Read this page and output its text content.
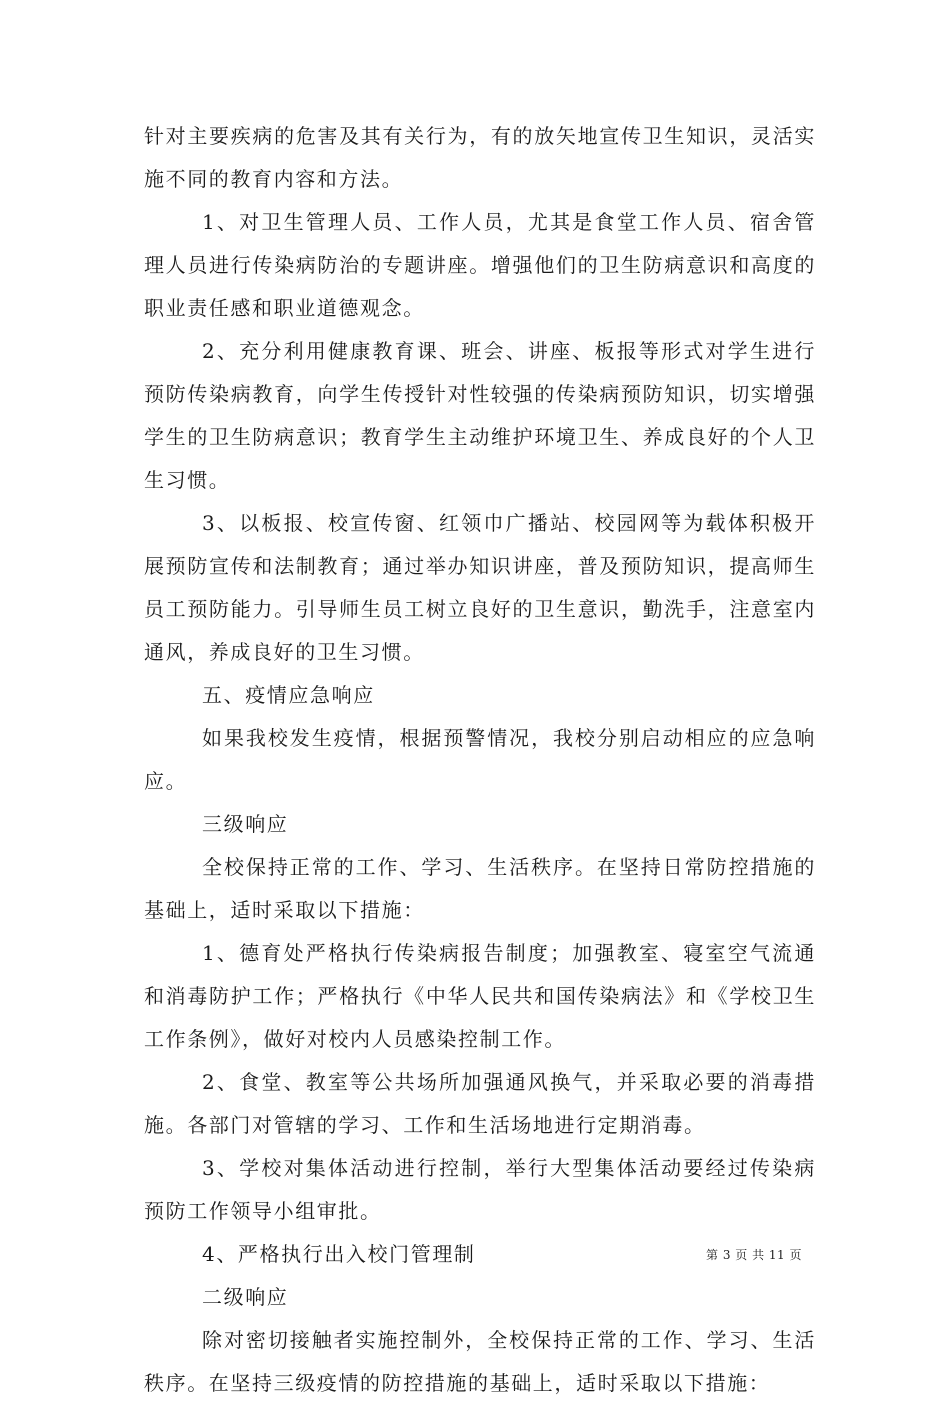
针对主要疾病的危害及其有关行为，有的放矢地宣传卫生知识，灵活实施不同的教育内容和方法。

1、对卫生管理人员、工作人员，尤其是食堂工作人员、宿舍管理人员进行传染病防治的专题讲座。增强他们的卫生防病意识和高度的职业责任感和职业道德观念。

2、充分利用健康教育课、班会、讲座、板报等形式对学生进行预防传染病教育，向学生传授针对性较强的传染病预防知识，切实增强学生的卫生防病意识；教育学生主动维护环境卫生、养成良好的个人卫生习惯。

3、以板报、校宣传窗、红领巾广播站、校园网等为载体积极开展预防宣传和法制教育；通过举办知识讲座，普及预防知识，提高师生员工预防能力。引导师生员工树立良好的卫生意识，勤洗手，注意室内通风，养成良好的卫生习惯。

五、疫情应急响应

如果我校发生疫情，根据预警情况，我校分别启动相应的应急响应。

三级响应

全校保持正常的工作、学习、生活秩序。在坚持日常防控措施的基础上，适时采取以下措施：

1、德育处严格执行传染病报告制度；加强教室、寝室空气流通和消毒防护工作；严格执行《中华人民共和国传染病法》和《学校卫生工作条例》，做好对校内人员感染控制工作。

2、食堂、教室等公共场所加强通风换气，并采取必要的消毒措施。各部门对管辖的学习、工作和生活场地进行定期消毒。

3、学校对集体活动进行控制，举行大型集体活动要经过传染病预防工作领导小组审批。

4、严格执行出入校门管理制

二级响应

除对密切接触者实施控制外，全校保持正常的工作、学习、生活秩序。在坚持三级疫情的防控措施的基础上，适时采取以下措施：

第 3 页 共 11 页
